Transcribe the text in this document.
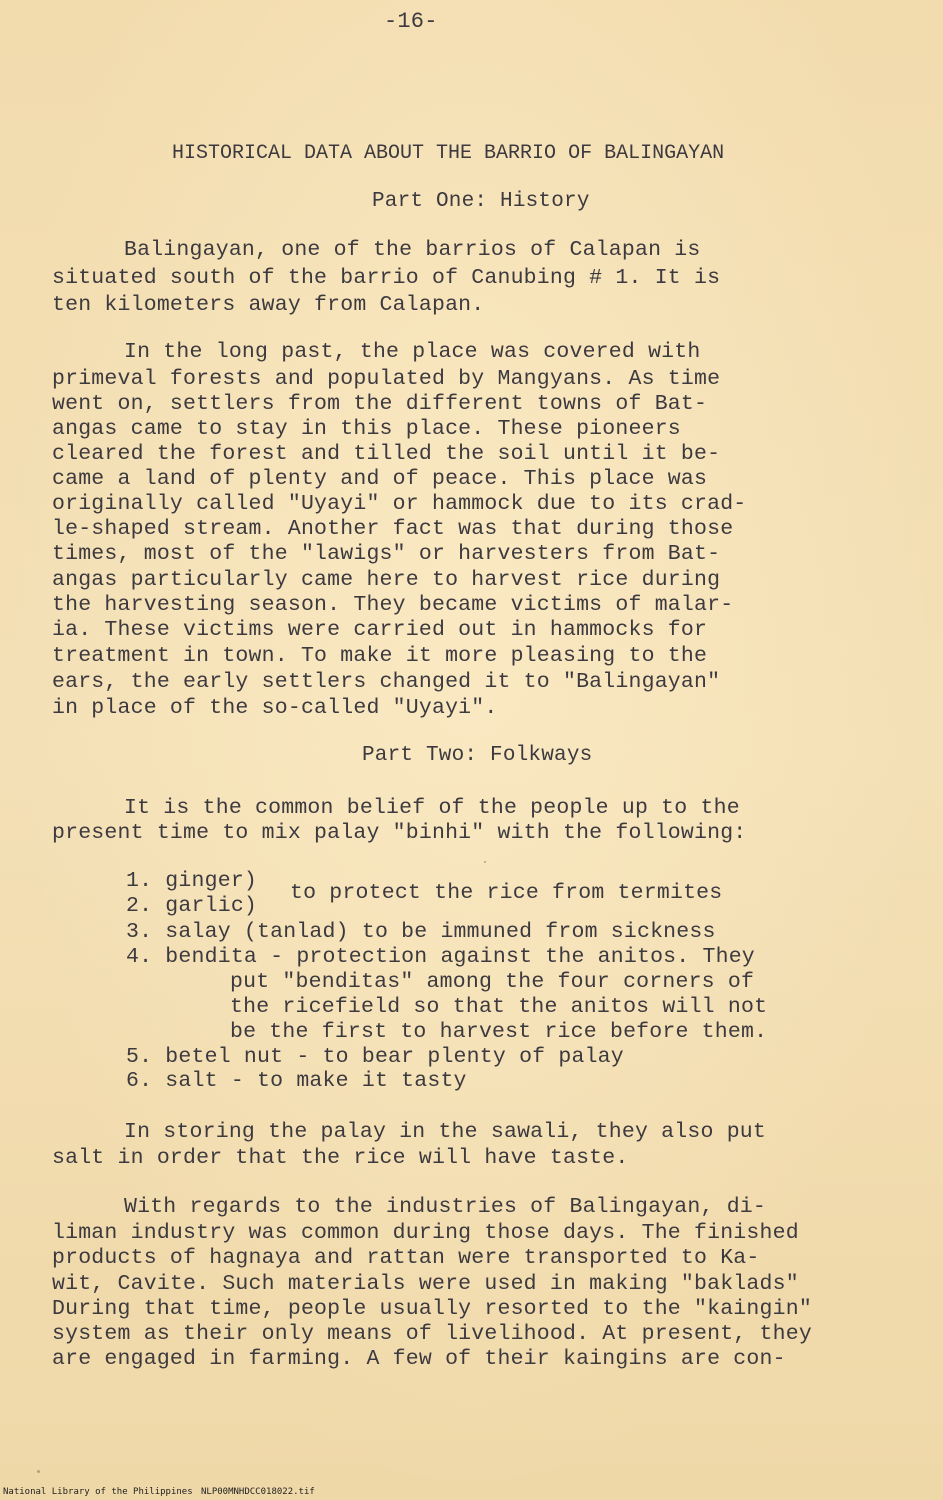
-16-
HISTORICAL DATA ABOUT THE BARRIO OF BALINGAYAN
Part One: History
Balingayan, one of the barrios of Calapan is
situated south of the barrio of Canubing # 1. It is
ten kilometers away from Calapan.
In the long past, the place was covered with
primeval forests and populated by Mangyans. As time
went on, settlers from the different towns of Bat-
angas came to stay in this place. These pioneers
cleared the forest and tilled the soil until it be-
came a land of plenty and of peace. This place was
originally called "Uyayi" or hammock due to its crad-
le-shaped stream. Another fact was that during those
times, most of the "lawigs" or harvesters from Bat-
angas particularly came here to harvest rice during
the harvesting season. They became victims of malar-
ia. These victims were carried out in hammocks for
treatment in town. To make it more pleasing to the
ears, the early settlers changed it to "Balingayan"
in place of the so-called "Uyayi".
Part Two: Folkways
It is the common belief of the people up to the
present time to mix palay "binhi" with the following:
1. ginger)
2. garlic)
to protect the rice from termites
3. salay (tanlad) to be immuned from sickness
4. bendita - protection against the anitos. They
put "benditas" among the four corners of
the ricefield so that the anitos will not
be the first to harvest rice before them.
5. betel nut - to bear plenty of palay
6. salt - to make it tasty
In storing the palay in the sawali, they also put
salt in order that the rice will have taste.
With regards to the industries of Balingayan, di-
liman industry was common during those days. The finished
products of hagnaya and rattan were transported to Ka-
wit, Cavite. Such materials were used in making "baklads"
During that time, people usually resorted to the "kaingin"
system as their only means of livelihood. At present, they
are engaged in farming. A few of their kaingins are con-
National Library of the Philippines NLP00MNHDCC018022.tif
